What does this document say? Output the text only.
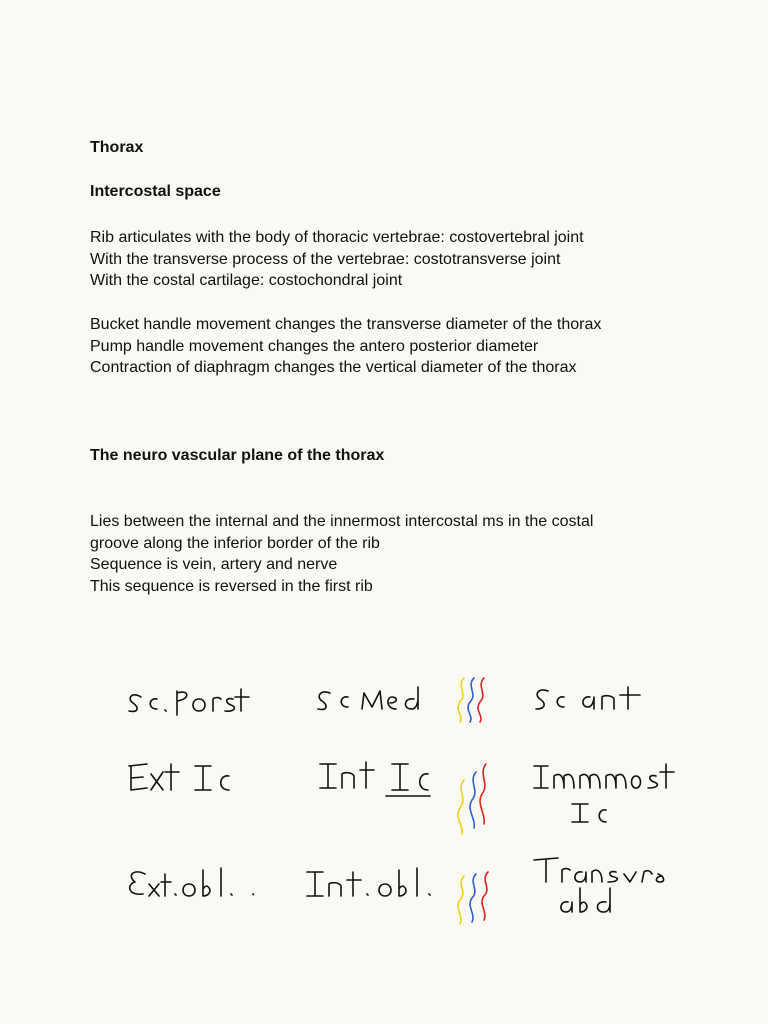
Thorax
Intercostal space
Rib articulates with the body of thoracic vertebrae: costovertebral joint
With the transverse process of the vertebrae: costotransverse joint
With the costal cartilage: costochondral joint
Bucket handle movement changes the transverse diameter of the thorax
Pump handle movement changes the antero posterior diameter
Contraction of diaphragm changes the vertical diameter of the thorax
The neuro vascular plane of the thorax
Lies between the internal and the innermost intercostal ms in the costal
groove along the inferior border of the rib
Sequence is vein, artery and nerve
This sequence is reversed in the first rib
